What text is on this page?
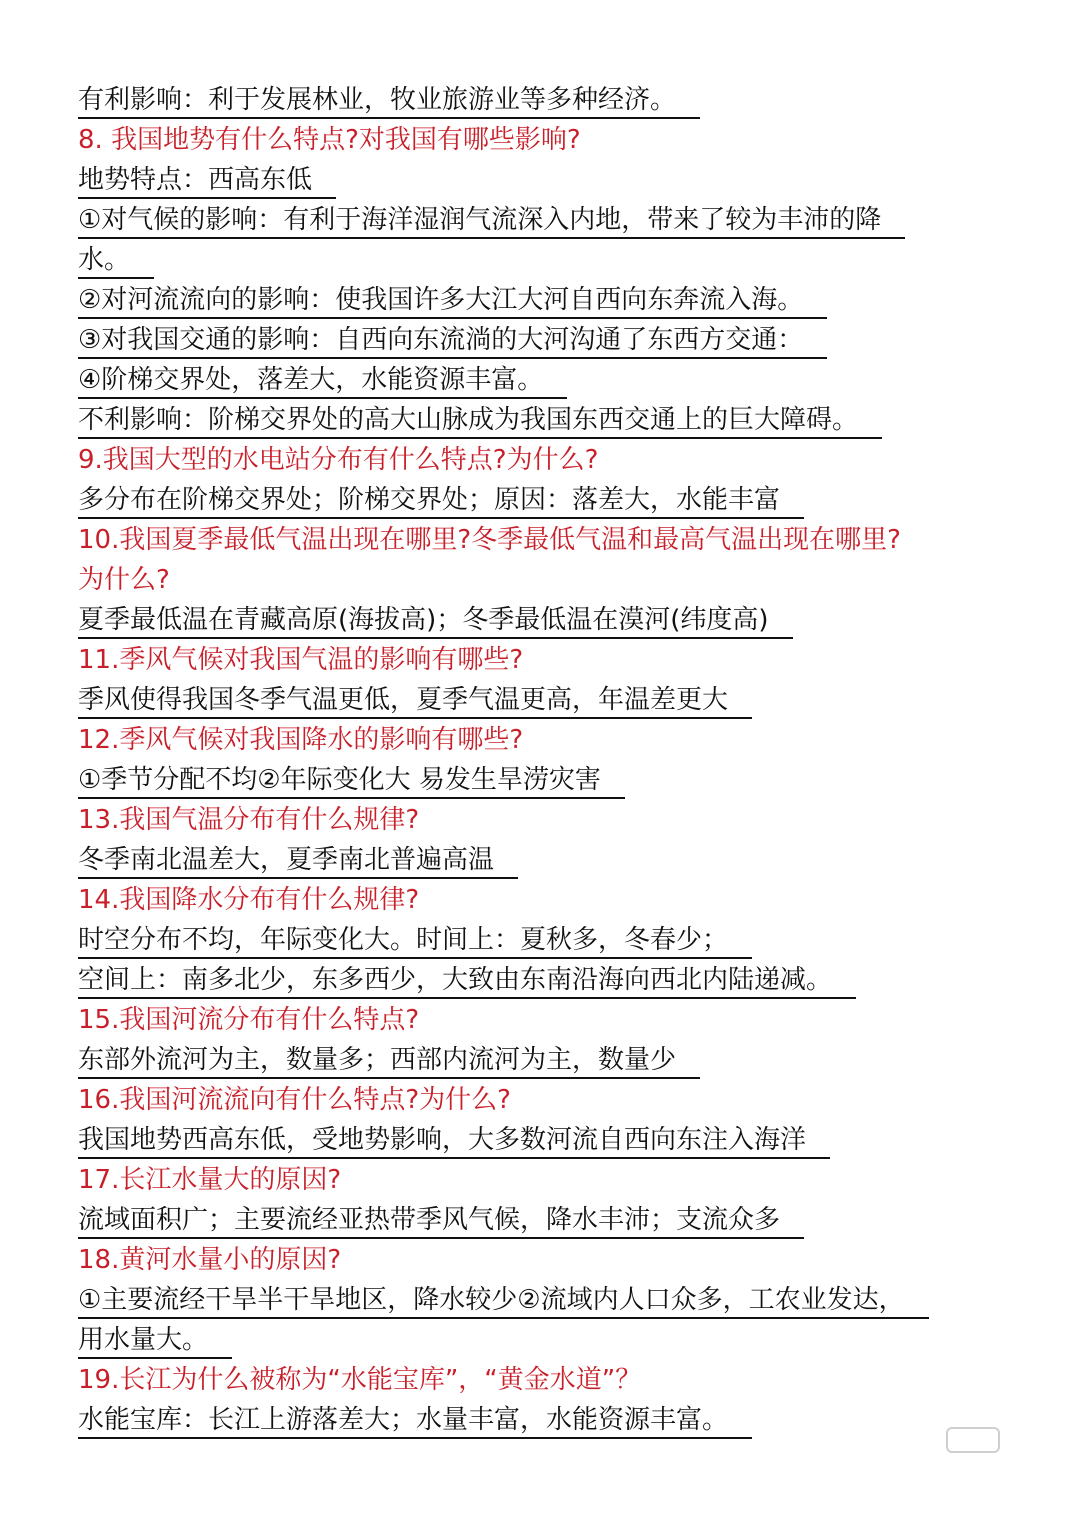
有利影响：利于发展林业，牧业旅游业等多种经济。
8. 我国地势有什么特点?对我国有哪些影响?
地势特点：西高东低
①对气候的影响：有利于海洋湿润气流深入内地，带来了较为丰沛的降
水。
②对河流流向的影响：使我国许多大江大河自西向东奔流入海。
③对我国交通的影响：自西向东流淌的大河沟通了东西方交通：
④阶梯交界处，落差大，水能资源丰富。
不利影响：阶梯交界处的高大山脉成为我国东西交通上的巨大障碍。
9.我国大型的水电站分布有什么特点?为什么?
多分布在阶梯交界处；阶梯交界处；原因：落差大，水能丰富
10.我国夏季最低气温出现在哪里?冬季最低气温和最高气温出现在哪里?
为什么?
夏季最低温在青藏高原(海拔高)；冬季最低温在漠河(纬度高)
11.季风气候对我国气温的影响有哪些?
季风使得我国冬季气温更低，夏季气温更高，年温差更大
12.季风气候对我国降水的影响有哪些?
①季节分配不均②年际变化大 易发生旱涝灾害
13.我国气温分布有什么规律?
冬季南北温差大，夏季南北普遍高温
14.我国降水分布有什么规律?
时空分布不均，年际变化大。时间上：夏秋多，冬春少；
空间上：南多北少，东多西少，大致由东南沿海向西北内陆递减。
15.我国河流分布有什么特点?
东部外流河为主，数量多；西部内流河为主，数量少
16.我国河流流向有什么特点?为什么?
我国地势西高东低，受地势影响，大多数河流自西向东注入海洋
17.长江水量大的原因?
流域面积广；主要流经亚热带季风气候，降水丰沛；支流众多
18.黄河水量小的原因?
①主要流经干旱半干旱地区，降水较少②流域内人口众多，工农业发达，
用水量大。
19.长江为什么被称为“水能宝库”，“黄金水道”？
水能宝库：长江上游落差大；水量丰富，水能资源丰富。
